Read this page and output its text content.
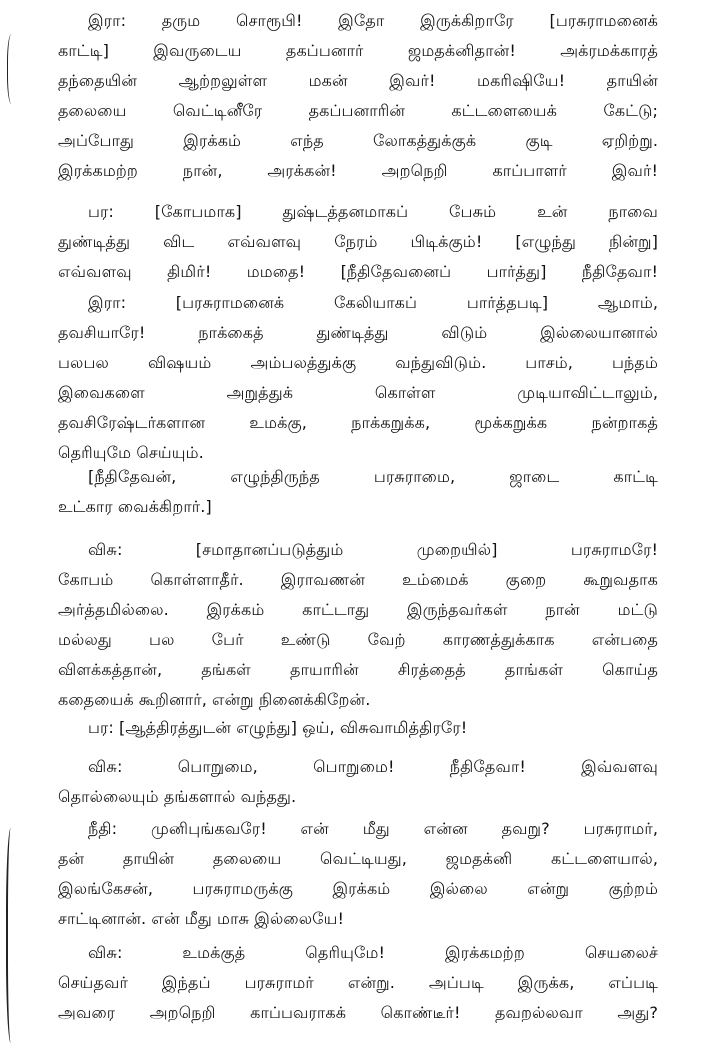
இரா: தரும சொரூபி! இதோ இருக்கிறாரே [பரசுராமனைக்
காட்டி] இவருடைய தகப்பனார் ஜமதக்னிதான்! அக்ரமக்காரத்
தந்தையின் ஆற்றலுள்ள மகன் இவர்! மகரிஷியே! தாயின்
தலையை வெட்டினீரே தகப்பனாரின் கட்டளையைக் கேட்டு;
அப்போது இரக்கம் எந்த லோகத்துக்குக் குடி ஏறிற்று.
இரக்கமற்ற நான், அரக்கன்! அறநெறி காப்பாளர் இவர்!
பர: [கோபமாக] துஷ்டத்தனமாகப் பேசும் உன் நாவை
துண்டித்து விட எவ்வளவு நேரம் பிடிக்கும்! [எழுந்து நின்று]
எவ்வளவு திமிர்! மமதை! [நீதிதேவனைப் பார்த்து] நீதிதேவா!
இரா: [பரசுராமனைக் கேலியாகப் பார்த்தபடி] ஆமாம்,
தவசியாரே! நாக்கைத் துண்டித்து விடும் இல்லையானால்
பலபல விஷயம் அம்பலத்துக்கு வந்துவிடும். பாசம், பந்தம்
இவைகளை அறுத்துக் கொள்ள முடியாவிட்டாலும்,
தவசிரேஷ்டர்களான உமக்கு, நாக்கறுக்க, மூக்கறுக்க நன்றாகத்
தெரியுமே செய்யும்.
[நீதிதேவன், எழுந்திருந்த பரசுராமை, ஜாடை காட்டி
உட்கார வைக்கிறார்.]
விசு: [சமாதானப்படுத்தும் முறையில்] பரசுராமரே!
கோபம் கொள்ளாதீர். இராவணன் உம்மைக் குறை கூறுவதாக
அர்த்தமில்லை. இரக்கம் காட்டாது இருந்தவர்கள் நான் மட்டு
மல்லது பல பேர் உண்டு வேற் காரணத்துக்காக என்பதை
விளக்கத்தான், தங்கள் தாயாரின் சிரத்தைத் தாங்கள் கொய்த
கதையைக் கூறினார், என்று நினைக்கிறேன்.
பர: [ஆத்திரத்துடன் எழுந்து] ஒய், விசுவாமித்திரரே!
விசு: பொறுமை, பொறுமை! நீதிதேவா! இவ்வளவு
தொல்லையும் தங்களால் வந்தது.
நீதி: முனிபுங்கவரே! என் மீது என்ன தவறு? பரசுராமர்,
தன் தாயின் தலையை வெட்டியது, ஜமதக்னி கட்டளையால்,
இலங்கேசன், பரசுராமருக்கு இரக்கம் இல்லை என்று குற்றம்
சாட்டினான். என் மீது மாசு இல்லையே!
விசு: உமக்குத் தெரியுமே! இரக்கமற்ற செயலைச்
செய்தவர் இந்தப் பரசுராமர் என்று. அப்படி இருக்க, எப்படி
அவரை அறநெறி காப்பவராகக் கொண்டீர்! தவறல்லவா அது?
